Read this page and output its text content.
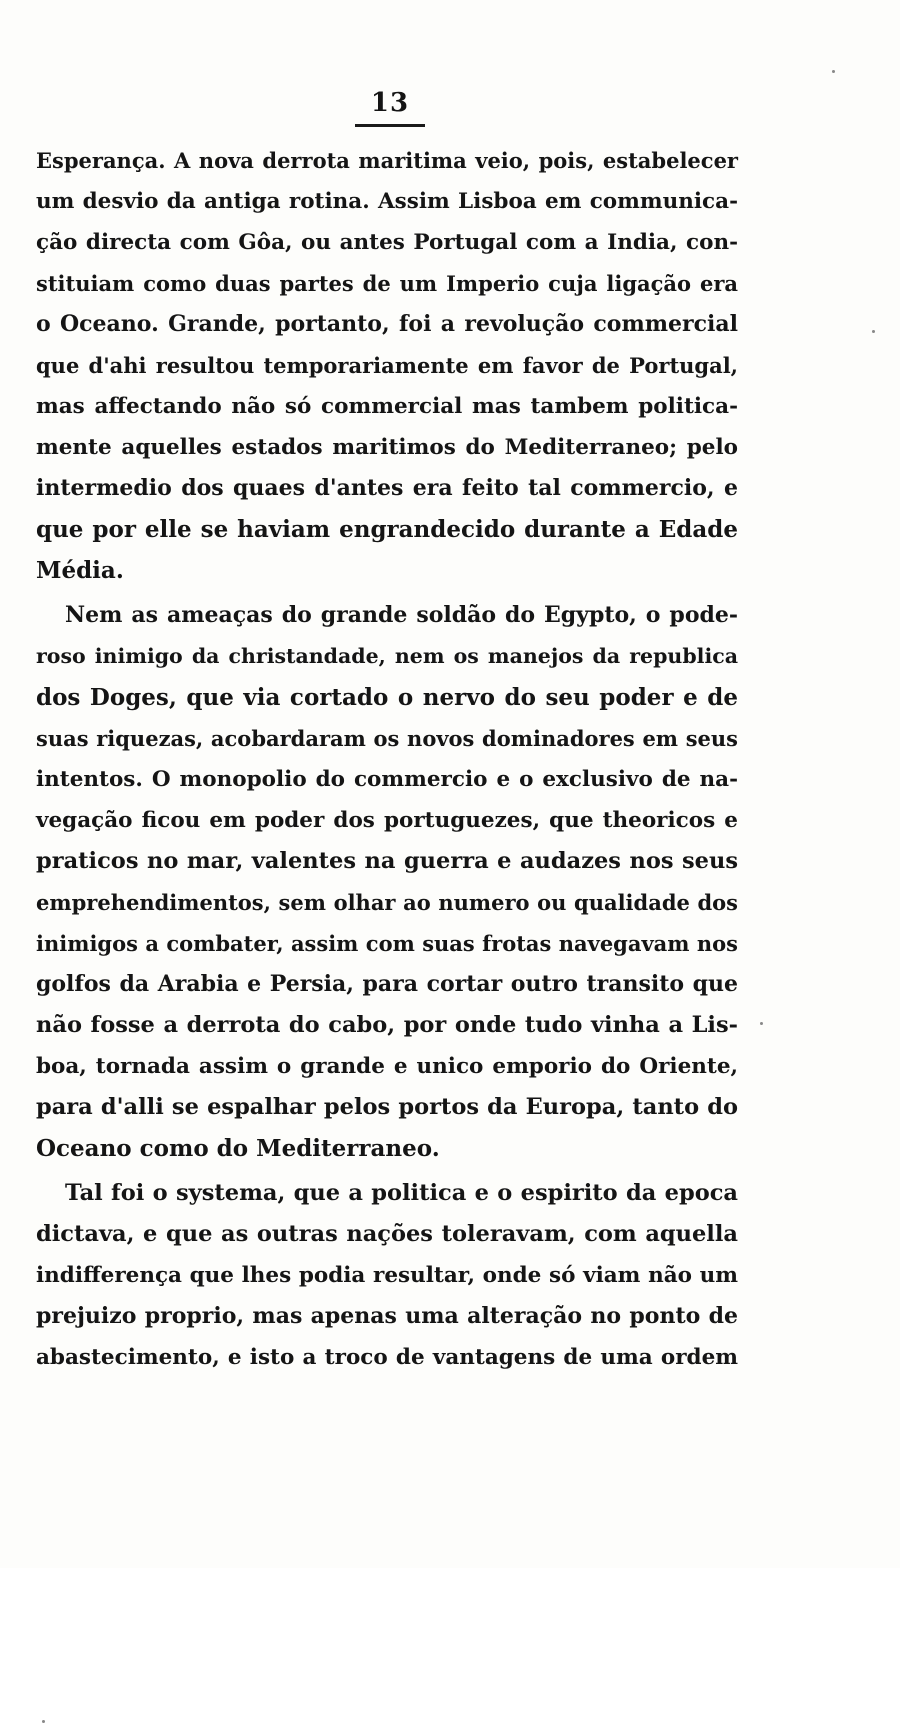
13
Esperança. A nova derrota maritima veio, pois, estabelecer
um desvio da antiga rotina. Assim Lisboa em communica-
ção directa com Gôa, ou antes Portugal com a India, con-
stituiam como duas partes de um Imperio cuja ligação era
o Oceano. Grande, portanto, foi a revolução commercial
que d'ahi resultou temporariamente em favor de Portugal,
mas affectando não só commercial mas tambem politica-
mente aquelles estados maritimos do Mediterraneo; pelo
intermedio dos quaes d'antes era feito tal commercio, e
que por elle se haviam engrandecido durante a Edade
Média.
Nem as ameaças do grande soldão do Egypto, o pode-
roso inimigo da christandade, nem os manejos da republica
dos Doges, que via cortado o nervo do seu poder e de
suas riquezas, acobardaram os novos dominadores em seus
intentos. O monopolio do commercio e o exclusivo de na-
vegação ficou em poder dos portuguezes, que theoricos e
praticos no mar, valentes na guerra e audazes nos seus
emprehendimentos, sem olhar ao numero ou qualidade dos
inimigos a combater, assim com suas frotas navegavam nos
golfos da Arabia e Persia, para cortar outro transito que
não fosse a derrota do cabo, por onde tudo vinha a Lis-
boa, tornada assim o grande e unico emporio do Oriente,
para d'alli se espalhar pelos portos da Europa, tanto do
Oceano como do Mediterraneo.
Tal foi o systema, que a politica e o espirito da epoca
dictava, e que as outras nações toleravam, com aquella
indifferença que lhes podia resultar, onde só viam não um
prejuizo proprio, mas apenas uma alteração no ponto de
abastecimento, e isto a troco de vantagens de uma ordem
